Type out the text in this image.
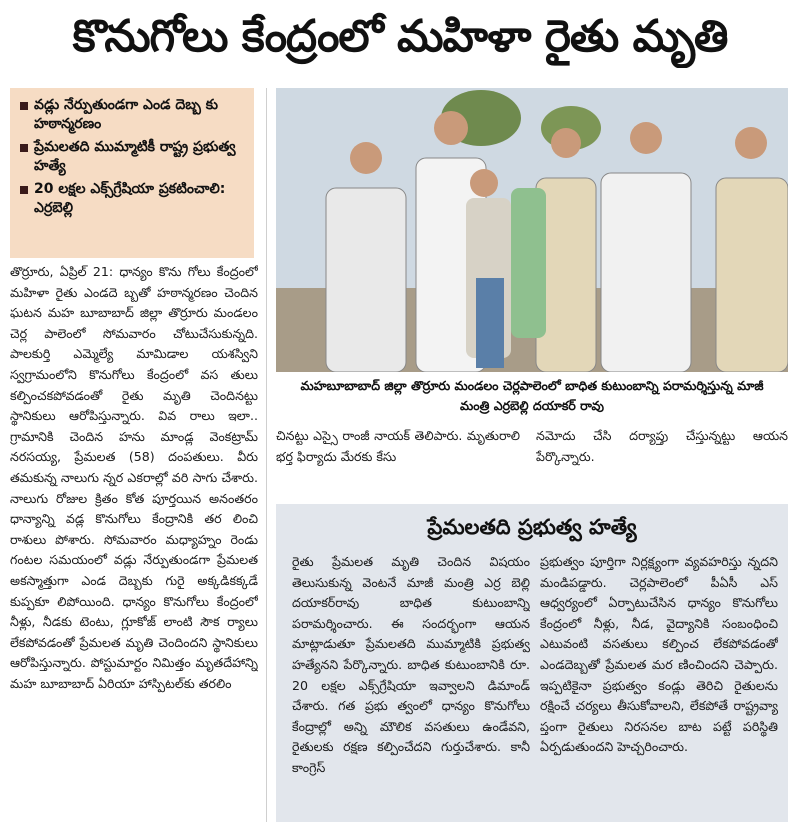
కొనుగోలు కేంద్రంలో మహిళా రైతు మృతి
వడ్లు నేర్పుతుండగా ఎండ దెబ్బ కు హఠాన్మరణం
ప్రేమలతది ముమ్మాటికీ రాష్ట్ర ప్రభుత్వ హత్యే
20 లక్షల ఎక్స్‌గ్రేషియా ప్రకటించాలి: ఎర్రబెల్లి
మహబూబాబాద్ జిల్లా తొర్రూరు మండలం చెర్లపాలెంలో బాధిత కుటుంబాన్ని పరామర్శిస్తున్న మాజీ మంత్రి ఎర్రబెల్లి దయాకర్ రావు

తొర్రూరు, ఏప్రిల్ 21: ధాన్యం కొను గోలు కేంద్రంలో మహిళా రైతు ఎండదె బ్బతో హఠాన్మరణం చెందిన ఘటన మహ బూబాబాద్ జిల్లా తొర్రూరు మండలం చెర్ల పాలెంలో సోమవారం చోటుచేసుకున్నది. పాలకుర్తి ఎమ్మెల్యే మామిడాల యశస్విని స్వగ్రామంలోని కొనుగోలు కేంద్రంలో వస తులు కల్పించకపోవడంతో రైతు మృతి చెందినట్టు స్థానికులు ఆరోపిస్తున్నారు. వివ రాలు ఇలా.. గ్రామానికి చెందిన హను మాండ్ల వెంకట్రామ్ నరసయ్య, ప్రేమలత (58) దంపతులు. వీరు తమకున్న నాలుగు న్నర ఎకరాల్లో వరి సాగు చేశారు. నాలుగు రోజుల క్రితం కోత పూర్తయిన అనంతరం ధాన్యాన్ని వడ్ల కొనుగోలు కేంద్రానికి తర లించి రాశులు పోశారు. సోమవారం మధ్యాహ్నం రెండు గంటల సమయంలో వడ్లు నేర్పుతుండగా ప్రేమలత అకస్మాత్తుగా ఎండ దెబ్బకు గురై అక్కడికక్కడే కుప్పకూ లిపోయింది. ధాన్యం కొనుగోలు కేంద్రంలో నీళ్లు, నీడకు టెంటు, గ్లూకోజ్ లాంటి సౌక ర్యాలు లేకపోవడంతో ప్రేమలత మృతి చెందిందని స్థానికులు ఆరోపిస్తున్నారు. పోస్టుమార్టం నిమిత్తం మృతదేహాన్ని మహ బూబాబాద్ ఏరియా హాస్పిటల్‌కు తరలిం

చినట్టు ఎస్సై రాంజీ నాయక్ తెలిపారు. మృతురాలి భర్త ఫిర్యాదు మేరకు కేసు

నమోదు చేసి దర్యాప్తు చేస్తున్నట్టు ఆయన పేర్కొన్నారు.

ప్రేమలతది ప్రభుత్వ హత్యే

రైతు ప్రేమలత మృతి చెందిన విషయం తెలుసుకున్న వెంటనే మాజీ మంత్రి ఎర్ర బెల్లి దయాకర్‌రావు బాధిత కుటుంబాన్ని పరామర్శించారు. ఈ సందర్భంగా ఆయన మాట్లాడుతూ ప్రేమలతది ముమ్మాటికి ప్రభుత్వ హత్యేనని పేర్కొన్నారు. బాధిత కుటుంబానికి రూ. 20 లక్షల ఎక్స్‌గ్రేషియా ఇవ్వాలని డిమాండ్ చేశారు. గత ప్రభు త్వంలో ధాన్యం కొనుగోలు కేంద్రాల్లో అన్ని మౌలిక వసతులు ఉండేవని, రైతులకు రక్షణ కల్పించేదని గుర్తుచేశారు. కానీ కాంగ్రెస్

ప్రభుత్వం పూర్తిగా నిర్లక్ష్యంగా వ్యవహరిస్తు న్నదని మండిపడ్డారు. చెర్లపాలెంలో పీఏసీ ఎస్ ఆధ్వర్యంలో ఏర్పాటుచేసిన ధాన్యం కొనుగోలు కేంద్రంలో నీళ్లు, నీడ, వైద్యానికి సంబంధించి ఎటువంటి వసతులు కల్పించ లేకపోవడంతో ఎండదెబ్బతో ప్రేమలత మర ణించిందని చెప్పారు. ఇప్పటికైనా ప్రభుత్వం కండ్లు తెరిచి రైతులను రక్షించే చర్యలు తీసుకోవాలని, లేకపోతే రాష్ట్రవ్యా ప్తంగా రైతులు నిరసనల బాట పట్టే పరిస్థితి ఏర్పడుతుందని హెచ్చరించారు.
